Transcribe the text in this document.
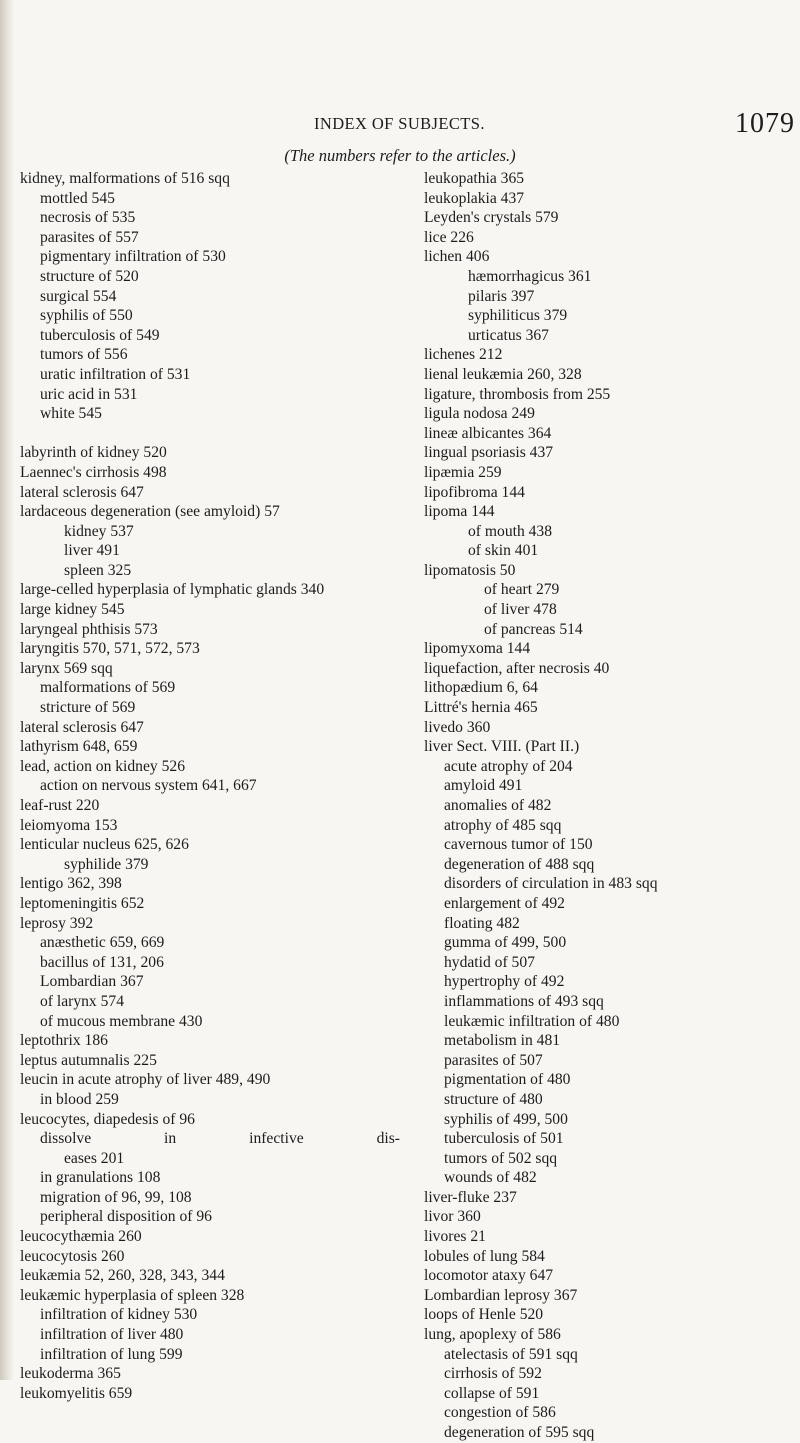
INDEX OF SUBJECTS.	1079
(The numbers refer to the articles.)
kidney, malformations of 516 sqq
mottled 545
necrosis of 535
parasites of 557
pigmentary infiltration of 530
structure of 520
surgical 554
syphilis of 550
tuberculosis of 549
tumors of 556
uratic infiltration of 531
uric acid in 531
white 545
labyrinth of kidney 520
Laennec's cirrhosis 498
lateral sclerosis 647
lardaceous degeneration (see amyloid) 57
kidney 537
liver 491
spleen 325
large-celled hyperplasia of lymphatic glands 340
large kidney 545
laryngeal phthisis 573
laryngitis 570, 571, 572, 573
larynx 569 sqq
malformations of 569
stricture of 569
lateral sclerosis 647
lathyrism 648, 659
lead, action on kidney 526
action on nervous system 641, 667
leaf-rust 220
leiomyoma 153
lenticular nucleus 625, 626
syphilide 379
lentigo 362, 398
leptomeningitis 652
leprosy 392
anæsthetic 659, 669
bacillus of 131, 206
Lombardian 367
of larynx 574
of mucous membrane 430
leptothrix 186
leptus autumnalis 225
leucin in acute atrophy of liver 489, 490
in blood 259
leucocytes, diapedesis of 96
dissolve in infective dis-
eases 201
in granulations 108
migration of 96, 99, 108
peripheral disposition of 96
leucocythæmia 260
leucocytosis 260
leukæmia 52, 260, 328, 343, 344
leukæmic hyperplasia of spleen 328
infiltration of kidney 530
infiltration of liver 480
infiltration of lung 599
leukoderma 365
leukomyelitis 659
leukopathia 365
leukoplakia 437
Leyden's crystals 579
lice 226
lichen 406
hæmorrhagicus 361
pilaris 397
syphiliticus 379
urticatus 367
lichenes 212
lienal leukæmia 260, 328
ligature, thrombosis from 255
ligula nodosa 249
lineæ albicantes 364
lingual psoriasis 437
lipæmia 259
lipofibroma 144
lipoma 144
of mouth 438
of skin 401
lipomatosis 50
of heart 279
of liver 478
of pancreas 514
lipomyxoma 144
liquefaction, after necrosis 40
lithopædium 6, 64
Littré's hernia 465
livedo 360
liver Sect. VIII. (Part II.)
acute atrophy of 204
amyloid 491
anomalies of 482
atrophy of 485 sqq
cavernous tumor of 150
degeneration of 488 sqq
disorders of circulation in 483 sqq
enlargement of 492
floating 482
gumma of 499, 500
hydatid of 507
hypertrophy of 492
inflammations of 493 sqq
leukæmic infiltration of 480
metabolism in 481
parasites of 507
pigmentation of 480
structure of 480
syphilis of 499, 500
tuberculosis of 501
tumors of 502 sqq
wounds of 482
liver-fluke 237
livor 360
livores 21
lobules of lung 584
locomotor ataxy 647
Lombardian leprosy 367
loops of Henle 520
lung, apoplexy of 586
atelectasis of 591 sqq
cirrhosis of 592
collapse of 591
congestion of 586
degeneration of 595 sqq
